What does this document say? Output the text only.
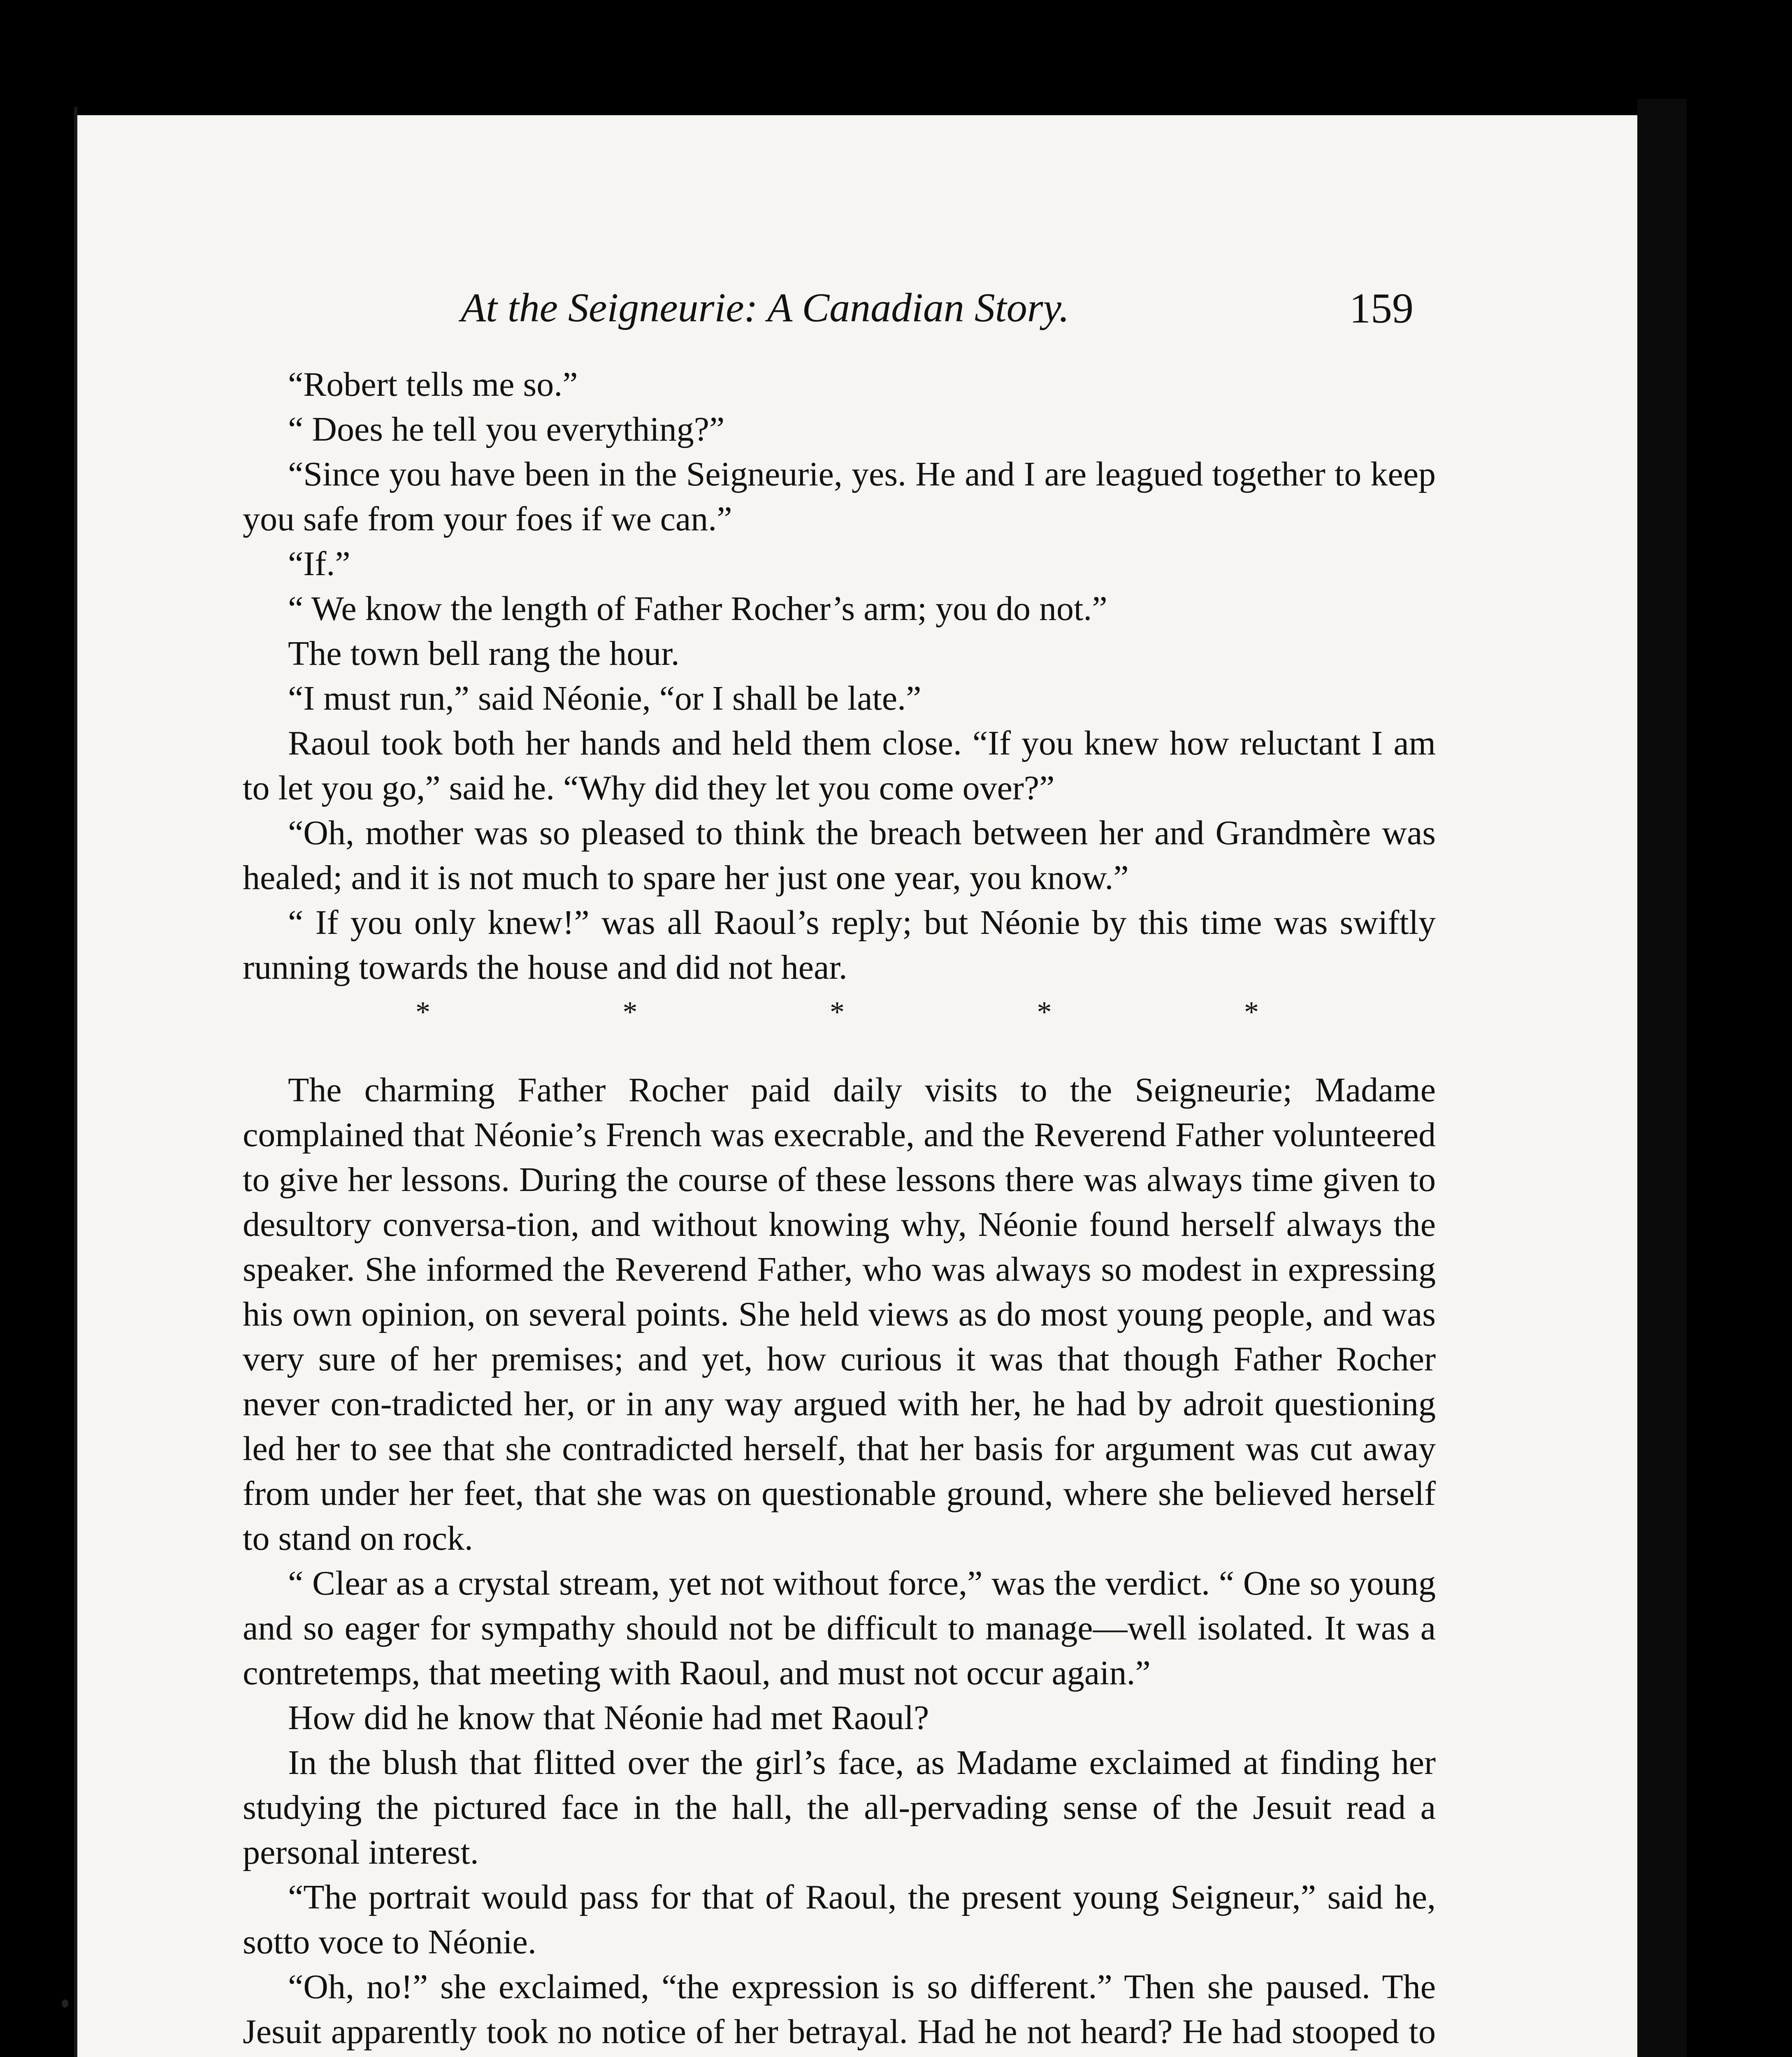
At the Seigneurie: A Canadian Story.	159

“Robert tells me so.”

“ Does he tell you everything?”

“Since you have been in the Seigneurie, yes. He and I are leagued together to keep you safe from your foes if we can.”

“If.”

“ We know the length of Father Rocher’s arm; you do not.”

The town bell rang the hour.

“I must run,” said Néonie, “or I shall be late.”

Raoul took both her hands and held them close. “If you knew how reluctant I am to let you go,” said he. “Why did they let you come over?”

“Oh, mother was so pleased to think the breach between her and Grandmère was healed; and it is not much to spare her just one year, you know.”

“ If you only knew!” was all Raoul’s reply; but Néonie by this time was swiftly running towards the house and did not hear.

*	*	*	*	*

The charming Father Rocher paid daily visits to the Seigneurie; Madame complained that Néonie’s French was execrable, and the Reverend Father volunteered to give her lessons. During the course of these lessons there was always time given to desultory conversa-tion, and without knowing why, Néonie found herself always the speaker. She informed the Reverend Father, who was always so modest in expressing his own opinion, on several points. She held views as do most young people, and was very sure of her premises; and yet, how curious it was that though Father Rocher never con-tradicted her, or in any way argued with her, he had by adroit questioning led her to see that she contradicted herself, that her basis for argument was cut away from under her feet, that she was on questionable ground, where she believed herself to stand on rock.

“ Clear as a crystal stream, yet not without force,” was the verdict. “ One so young and so eager for sympathy should not be difficult to manage—well isolated. It was a contretemps, that meeting with Raoul, and must not occur again.”

How did he know that Néonie had met Raoul?

In the blush that flitted over the girl’s face, as Madame exclaimed at finding her studying the pictured face in the hall, the all-pervading sense of the Jesuit read a personal interest.

“The portrait would pass for that of Raoul, the present young Seigneur,” said he, sotto voce to Néonie.

“Oh, no!” she exclaimed, “the expression is so different.” Then she paused. The Jesuit apparently took no notice of her betrayal. Had he not heard? He had stooped to
